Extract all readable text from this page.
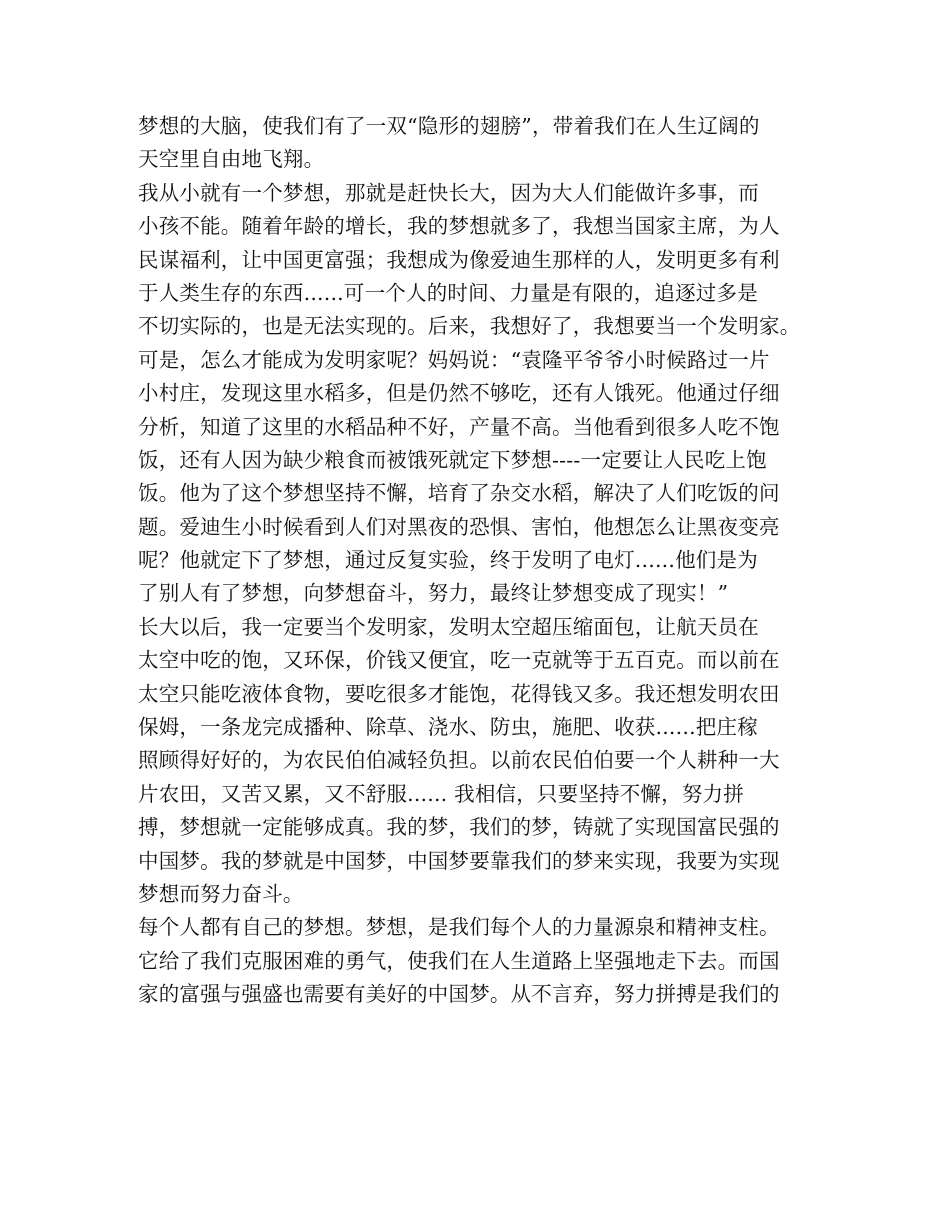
梦想的大脑，使我们有了一双“隐形的翅膀”，带着我们在人生辽阔的
天空里自由地飞翔。
我从小就有一个梦想，那就是赶快长大，因为大人们能做许多事，而
小孩不能。随着年龄的增长，我的梦想就多了，我想当国家主席，为人
民谋福利，让中国更富强；我想成为像爱迪生那样的人，发明更多有利
于人类生存的东西......可一个人的时间、力量是有限的，追逐过多是
不切实际的，也是无法实现的。后来，我想好了，我想要当一个发明家。
可是，怎么才能成为发明家呢？妈妈说：“袁隆平爷爷小时候路过一片
小村庄，发现这里水稻多，但是仍然不够吃，还有人饿死。他通过仔细
分析，知道了这里的水稻品种不好，产量不高。当他看到很多人吃不饱
饭，还有人因为缺少粮食而被饿死就定下梦想----一定要让人民吃上饱
饭。他为了这个梦想坚持不懈，培育了杂交水稻，解决了人们吃饭的问
题。爱迪生小时候看到人们对黑夜的恐惧、害怕，他想怎么让黑夜变亮
呢？他就定下了梦想，通过反复实验，终于发明了电灯......他们是为
了别人有了梦想，向梦想奋斗，努力，最终让梦想变成了现实！”
长大以后，我一定要当个发明家，发明太空超压缩面包，让航天员在
太空中吃的饱，又环保，价钱又便宜，吃一克就等于五百克。而以前在
太空只能吃液体食物，要吃很多才能饱，花得钱又多。我还想发明农田
保姆，一条龙完成播种、除草、浇水、防虫，施肥、收获......把庄稼
照顾得好好的，为农民伯伯减轻负担。以前农民伯伯要一个人耕种一大
片农田，又苦又累，又不舒服...... 我相信，只要坚持不懈，努力拼
搏，梦想就一定能够成真。我的梦，我们的梦，铸就了实现国富民强的
中国梦。我的梦就是中国梦，中国梦要靠我们的梦来实现，我要为实现
梦想而努力奋斗。
每个人都有自己的梦想。梦想，是我们每个人的力量源泉和精神支柱。
它给了我们克服困难的勇气，使我们在人生道路上坚强地走下去。而国
家的富强与强盛也需要有美好的中国梦。从不言弃，努力拼搏是我们的
